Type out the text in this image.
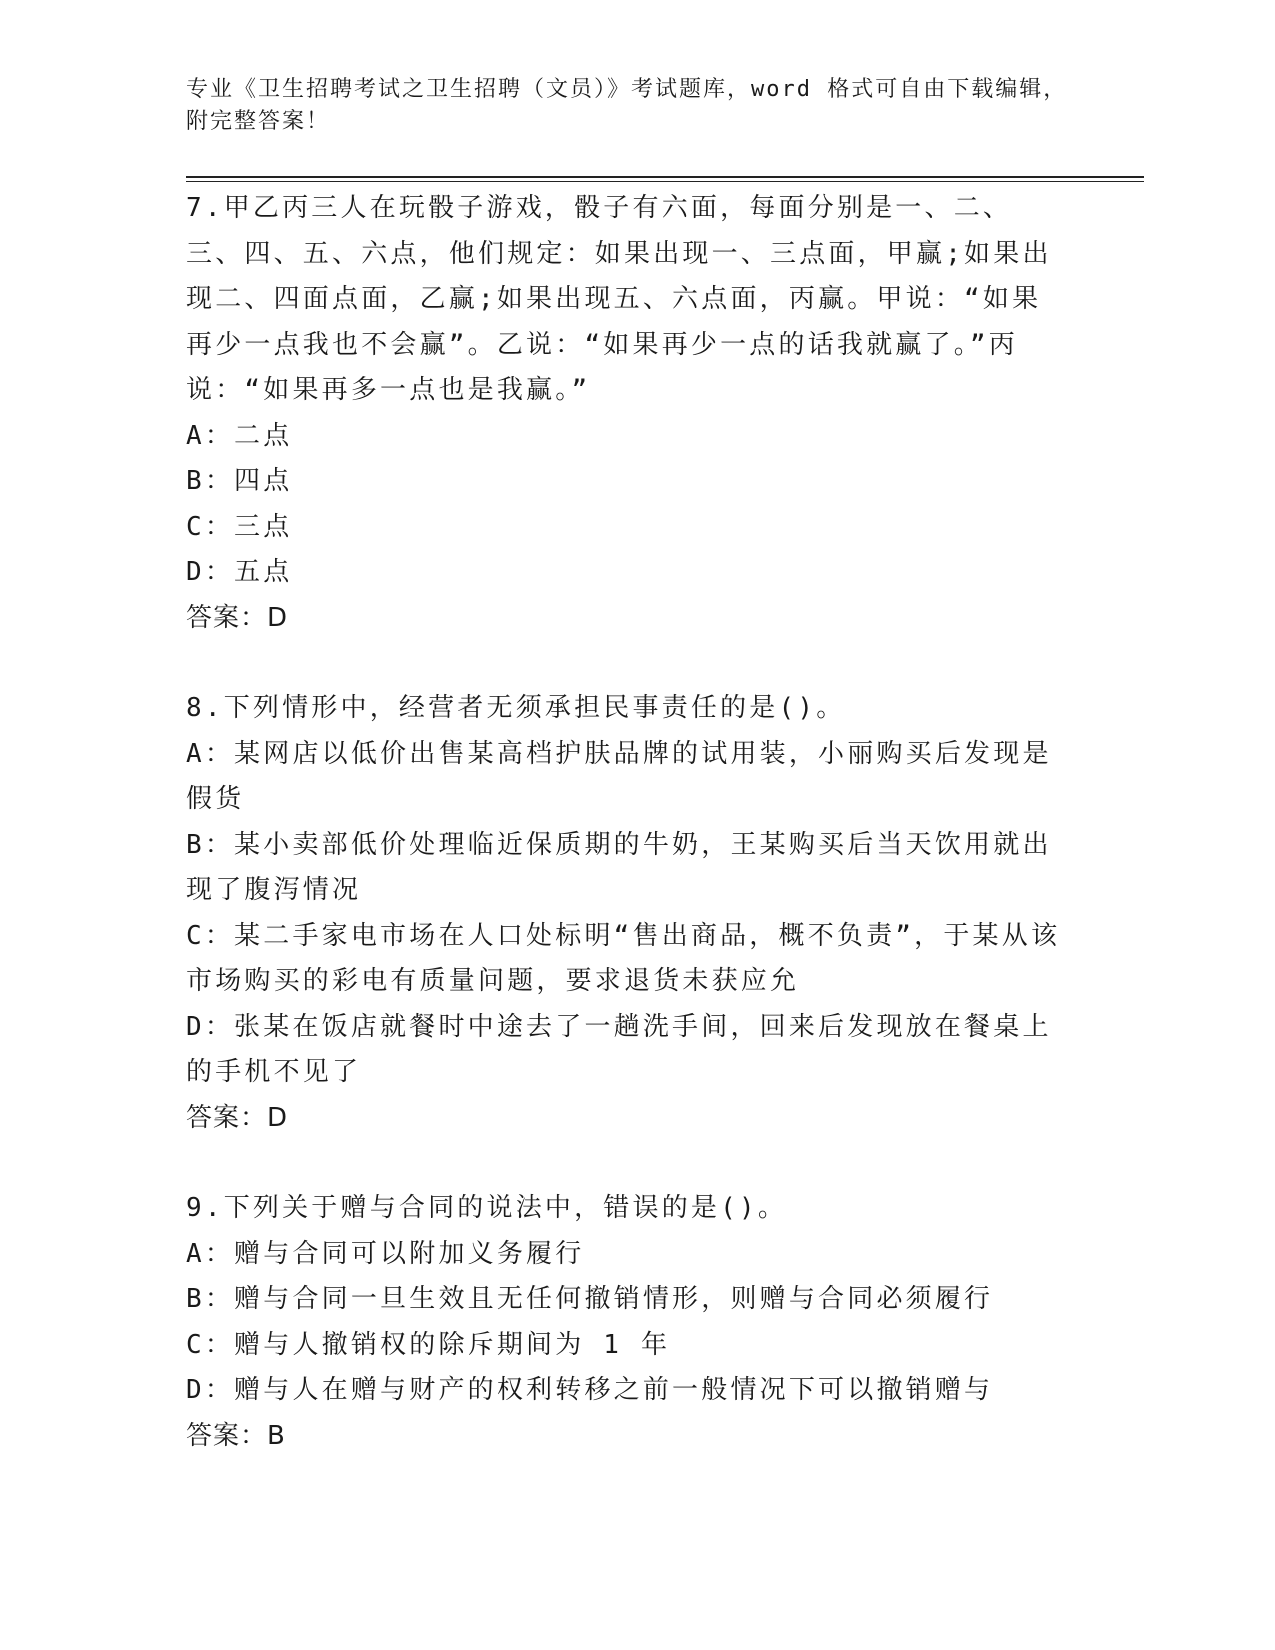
专业《卫生招聘考试之卫生招聘（文员）》考试题库，word 格式可自由下载编辑，附完整答案！

7.甲乙丙三人在玩骰子游戏，骰子有六面，每面分别是一、二、三、四、五、六点，他们规定：如果出现一、三点面，甲赢;如果出现二、四面点面，乙赢;如果出现五、六点面，丙赢。甲说：“如果再少一点我也不会赢”。乙说：“如果再少一点的话我就赢了。”丙说：“如果再多一点也是我赢。”

A：二点

B：四点

C：三点

D：五点

答案：D

8.下列情形中，经营者无须承担民事责任的是()。

A：某网店以低价出售某高档护肤品牌的试用装，小丽购买后发现是假货

B：某小卖部低价处理临近保质期的牛奶，王某购买后当天饮用就出现了腹泻情况

C：某二手家电市场在人口处标明“售出商品，概不负责”，于某从该市场购买的彩电有质量问题，要求退货未获应允

D：张某在饭店就餐时中途去了一趟洗手间，回来后发现放在餐桌上的手机不见了

答案：D

9.下列关于赠与合同的说法中，错误的是()。

A：赠与合同可以附加义务履行

B：赠与合同一旦生效且无任何撤销情形，则赠与合同必须履行

C：赠与人撤销权的除斥期间为 1 年

D：赠与人在赠与财产的权利转移之前一般情况下可以撤销赠与

答案：B
